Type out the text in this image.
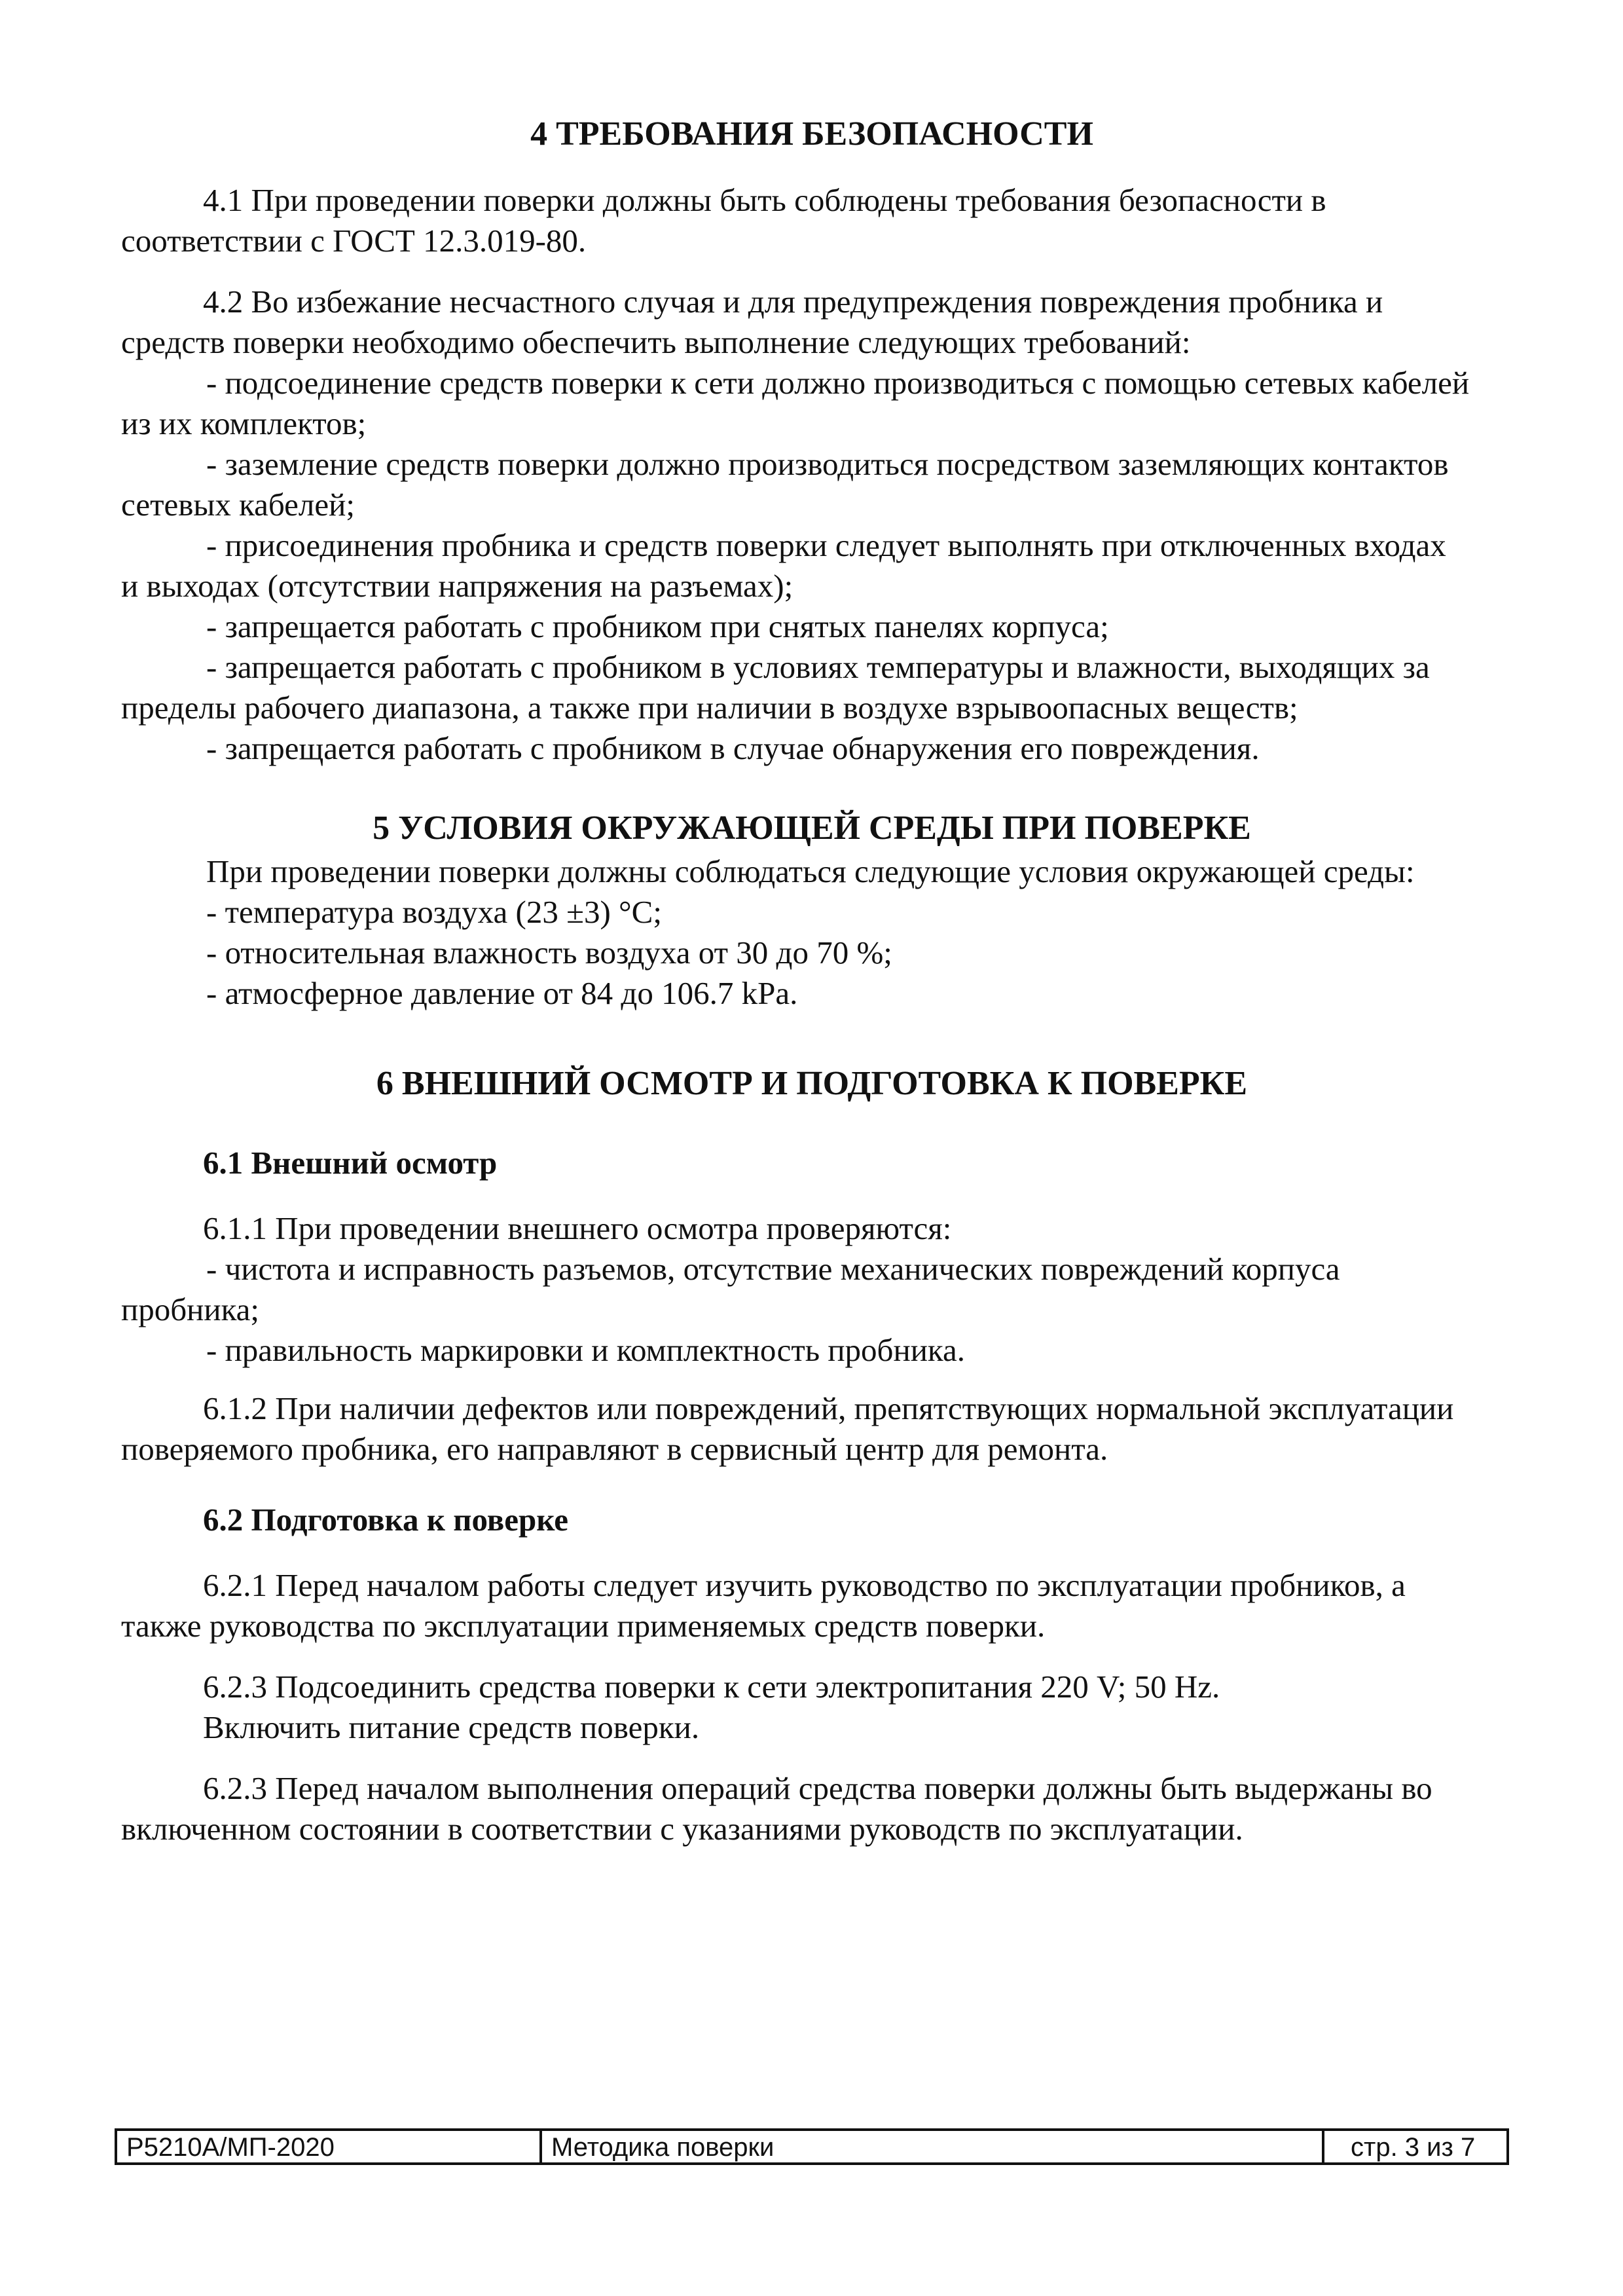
4 ТРЕБОВАНИЯ БЕЗОПАСНОСТИ
4.1 При проведении поверки должны быть соблюдены требования безопасности в
соответствии с ГОСТ 12.3.019-80.
4.2 Во избежание несчастного случая и для предупреждения повреждения пробника и
средств поверки необходимо обеспечить выполнение следующих требований:
- подсоединение средств поверки к сети должно производиться с помощью сетевых кабелей
из их комплектов;
- заземление средств поверки должно производиться посредством заземляющих контактов
сетевых кабелей;
- присоединения пробника и средств поверки следует выполнять при отключенных входах
и выходах (отсутствии напряжения на разъемах);
- запрещается работать с пробником при снятых панелях корпуса;
- запрещается работать с пробником в условиях температуры и влажности, выходящих за
пределы рабочего диапазона, а также при наличии в воздухе взрывоопасных веществ;
- запрещается работать с пробником в случае обнаружения его повреждения.
5 УСЛОВИЯ ОКРУЖАЮЩЕЙ СРЕДЫ ПРИ ПОВЕРКЕ
При проведении поверки должны соблюдаться следующие условия окружающей среды:
- температура воздуха (23 ±3) °С;
- относительная влажность воздуха от 30 до 70 %;
- атмосферное давление от 84 до 106.7 kPa.
6 ВНЕШНИЙ ОСМОТР И ПОДГОТОВКА К ПОВЕРКЕ
6.1 Внешний осмотр
6.1.1 При проведении внешнего осмотра проверяются:
- чистота и исправность разъемов, отсутствие механических повреждений корпуса
пробника;
- правильность маркировки и комплектность пробника.
6.1.2 При наличии дефектов или повреждений, препятствующих нормальной эксплуатации
поверяемого пробника, его направляют в сервисный центр для ремонта.
6.2 Подготовка к поверке
6.2.1 Перед началом работы следует изучить руководство по эксплуатации пробников, а
также руководства по эксплуатации применяемых средств поверки.
6.2.3 Подсоединить средства поверки к сети электропитания 220 V; 50 Hz.
Включить питание средств поверки.
6.2.3 Перед началом выполнения операций средства поверки должны быть выдержаны во
включенном состоянии в соответствии с указаниями руководств по эксплуатации.
Р5210А/МП-2020	Методика поверки	стр. 3 из 7
